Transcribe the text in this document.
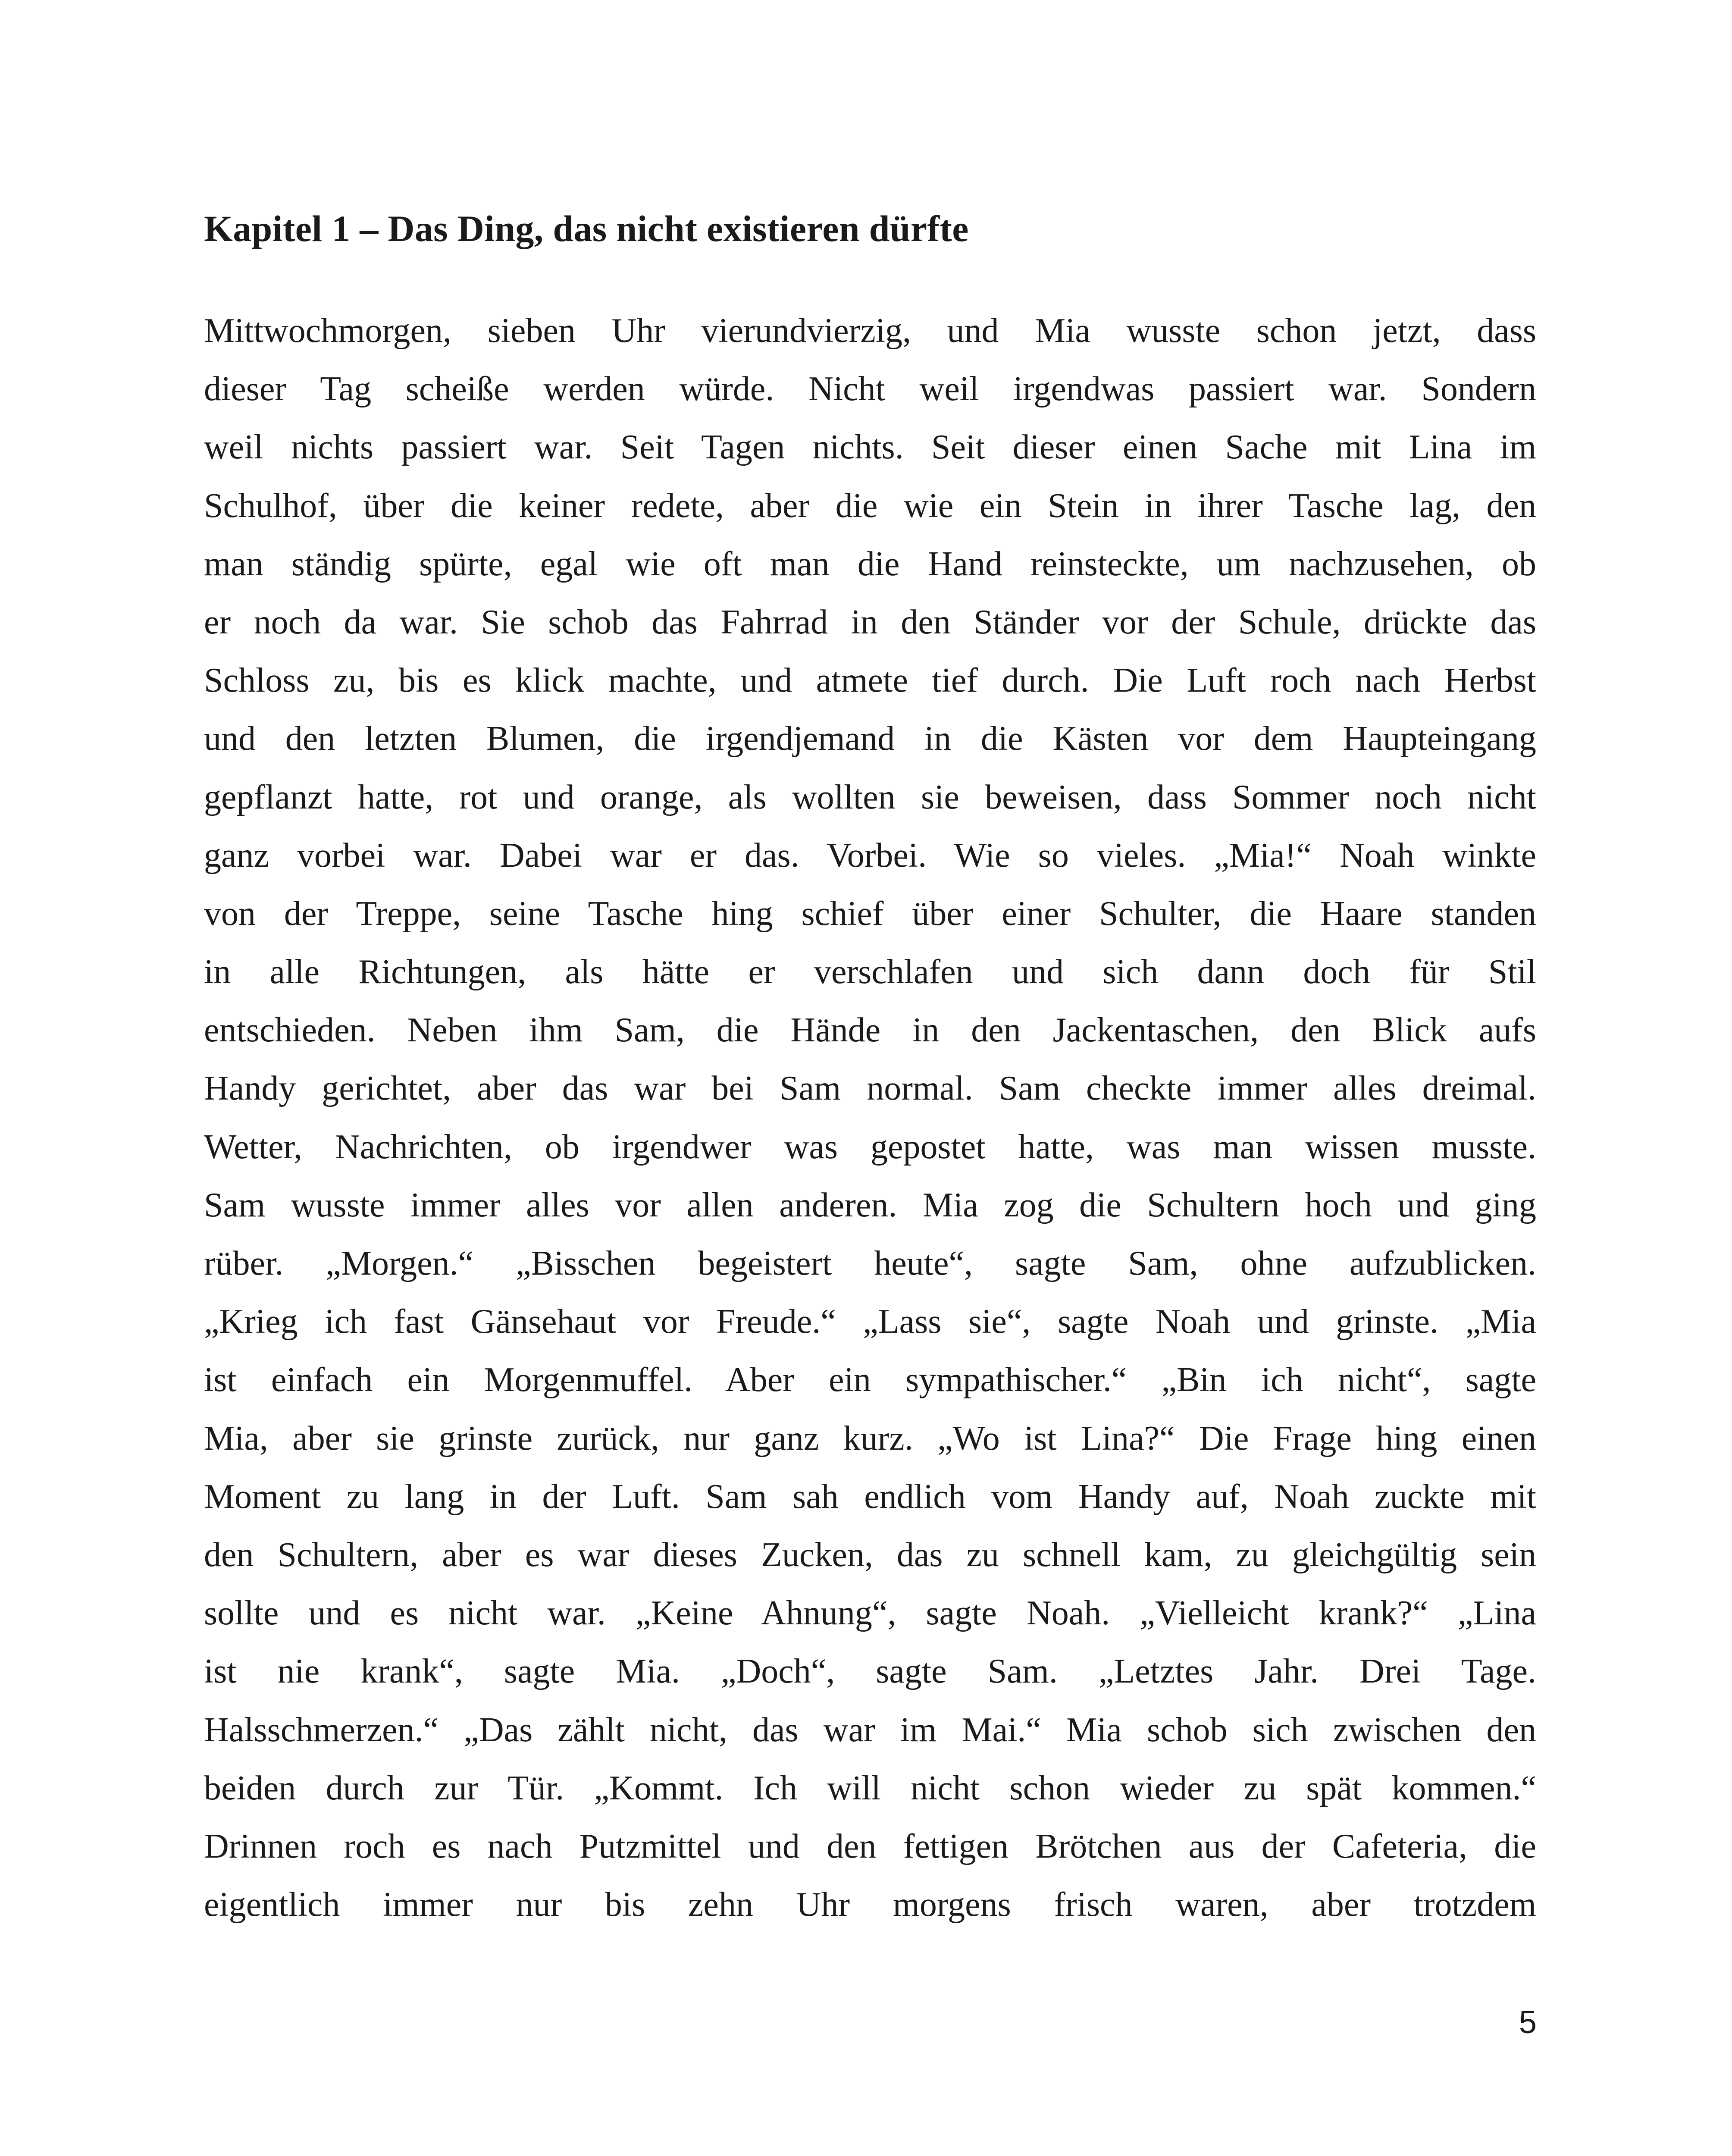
Kapitel 1 – Das Ding, das nicht existieren dürfte
Mittwochmorgen, sieben Uhr vierundvierzig, und Mia wusste schon jetzt, dass
dieser Tag scheiße werden würde. Nicht weil irgendwas passiert war. Sondern
weil nichts passiert war. Seit Tagen nichts. Seit dieser einen Sache mit Lina im
Schulhof, über die keiner redete, aber die wie ein Stein in ihrer Tasche lag, den
man ständig spürte, egal wie oft man die Hand reinsteckte, um nachzusehen, ob
er noch da war. Sie schob das Fahrrad in den Ständer vor der Schule, drückte das
Schloss zu, bis es klick machte, und atmete tief durch. Die Luft roch nach Herbst
und den letzten Blumen, die irgendjemand in die Kästen vor dem Haupteingang
gepflanzt hatte, rot und orange, als wollten sie beweisen, dass Sommer noch nicht
ganz vorbei war. Dabei war er das. Vorbei. Wie so vieles. „Mia!“ Noah winkte
von der Treppe, seine Tasche hing schief über einer Schulter, die Haare standen
in alle Richtungen, als hätte er verschlafen und sich dann doch für Stil
entschieden. Neben ihm Sam, die Hände in den Jackentaschen, den Blick aufs
Handy gerichtet, aber das war bei Sam normal. Sam checkte immer alles dreimal.
Wetter, Nachrichten, ob irgendwer was gepostet hatte, was man wissen musste.
Sam wusste immer alles vor allen anderen. Mia zog die Schultern hoch und ging
rüber. „Morgen.“ „Bisschen begeistert heute“, sagte Sam, ohne aufzublicken.
„Krieg ich fast Gänsehaut vor Freude.“ „Lass sie“, sagte Noah und grinste. „Mia
ist einfach ein Morgenmuffel. Aber ein sympathischer.“ „Bin ich nicht“, sagte
Mia, aber sie grinste zurück, nur ganz kurz. „Wo ist Lina?“ Die Frage hing einen
Moment zu lang in der Luft. Sam sah endlich vom Handy auf, Noah zuckte mit
den Schultern, aber es war dieses Zucken, das zu schnell kam, zu gleichgültig sein
sollte und es nicht war. „Keine Ahnung“, sagte Noah. „Vielleicht krank?“ „Lina
ist nie krank“, sagte Mia. „Doch“, sagte Sam. „Letztes Jahr. Drei Tage.
Halsschmerzen.“ „Das zählt nicht, das war im Mai.“ Mia schob sich zwischen den
beiden durch zur Tür. „Kommt. Ich will nicht schon wieder zu spät kommen.“
Drinnen roch es nach Putzmittel und den fettigen Brötchen aus der Cafeteria, die
eigentlich immer nur bis zehn Uhr morgens frisch waren, aber trotzdem
5
